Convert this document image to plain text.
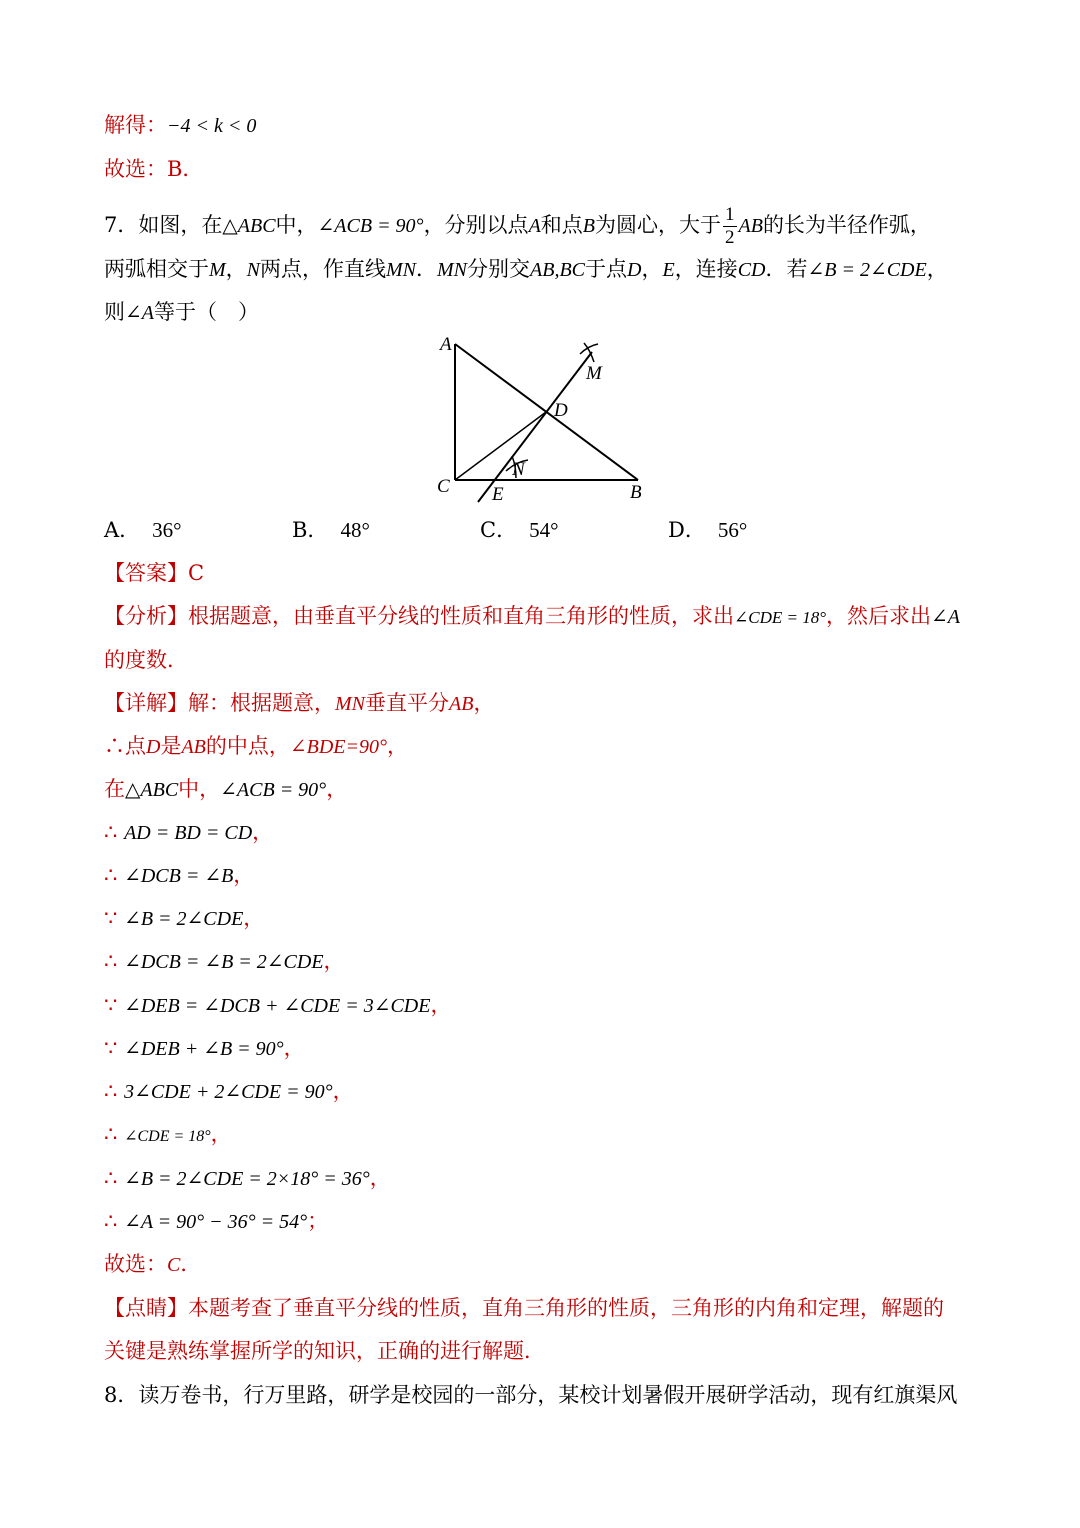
解得：−4 < k < 0
故选：B．
7．如图，在△ABC中，∠ACB = 90°，分别以点A和点B为圆心，大于 $\frac{1}{2}$ AB的长为半径作弧，
两弧相交于M，N两点，作直线MN．MN分别交AB,BC于点D，E，连接CD．若∠B = 2∠CDE，
则∠A等于（　）
A
C	B
D
E
M
N
A． 36°	B． 48°	C． 54°	D． 56°
【答案】C
【分析】根据题意，由垂直平分线的性质和直角三角形的性质，求出∠CDE = 18°，然后求出∠A
的度数．
【详解】解：根据题意，MN垂直平分AB，
∴点D是AB的中点，∠BDE=90°，
在△ABC中，∠ACB = 90°，
∴ AD = BD = CD，
∴ ∠DCB = ∠B，
∵ ∠B = 2∠CDE，
∴ ∠DCB = ∠B = 2∠CDE，
∵ ∠DEB = ∠DCB + ∠CDE = 3∠CDE，
∵ ∠DEB + ∠B = 90°，
∴ 3∠CDE + 2∠CDE = 90°，
∴ ∠CDE = 18°，
∴ ∠B = 2∠CDE = 2×18° = 36°，
∴ ∠A = 90° − 36° = 54°；
故选：C．
【点睛】本题考查了垂直平分线的性质，直角三角形的性质，三角形的内角和定理，解题的
关键是熟练掌握所学的知识，正确的进行解题．
8．读万卷书，行万里路，研学是校园的一部分，某校计划暑假开展研学活动，现有红旗渠风
